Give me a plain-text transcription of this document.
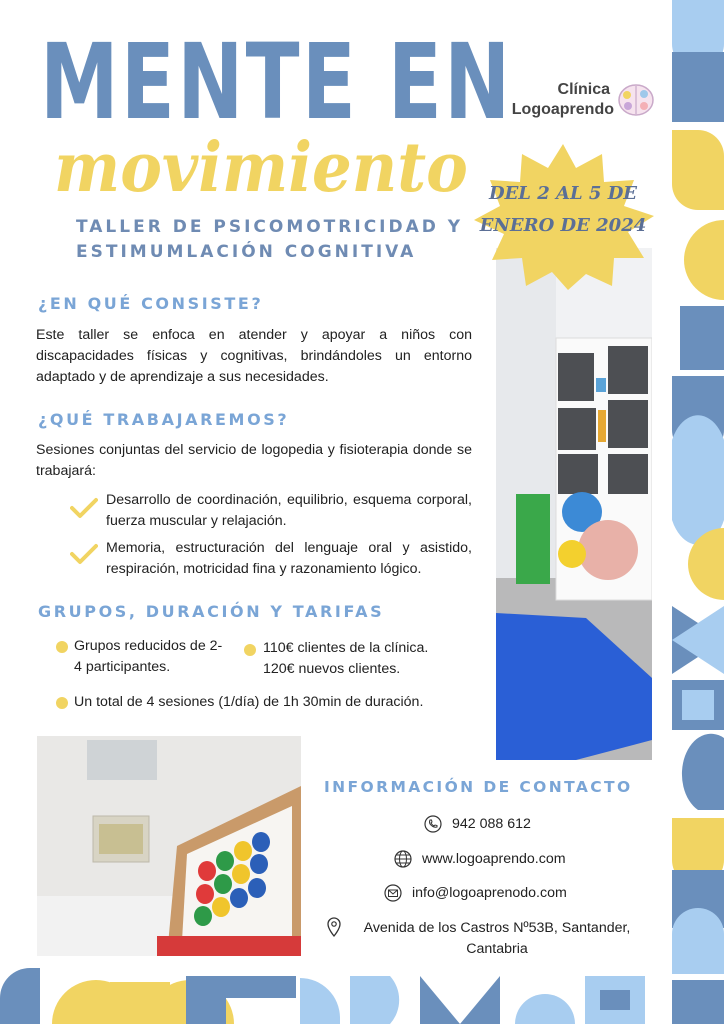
MENTE EN
movimiento
TALLER DE PSICOMOTRICIDAD Y ESTIMUMLACIÓN COGNITIVA
Clínica
Logoaprendo
DEL 2 AL 5 DE
ENERO DE 2024
¿EN QUÉ CONSISTE?
Este taller se enfoca en atender y apoyar a niños con discapacidades físicas y cognitivas, brindándoles un entorno adaptado y de aprendizaje a sus necesidades.
¿QUÉ TRABAJAREMOS?
Sesiones conjuntas del servicio de logopedia y fisioterapia donde se trabajará:
Desarrollo de coordinación, equilibrio, esquema corporal, fuerza muscular y relajación.
Memoria, estructuración del lenguaje oral y asistido, respiración, motricidad fina y razonamiento lógico.
GRUPOS, DURACIÓN Y TARIFAS
Grupos reducidos de 2-4 participantes.
110€ clientes de la clínica.
120€ nuevos clientes.
Un total de 4 sesiones (1/día) de 1h 30min de duración.
INFORMACIÓN DE CONTACTO
942 088 612
www.logoaprendo.com
info@logoaprenodo.com
Avenida de los Castros Nº53B, Santander,
Cantabria
